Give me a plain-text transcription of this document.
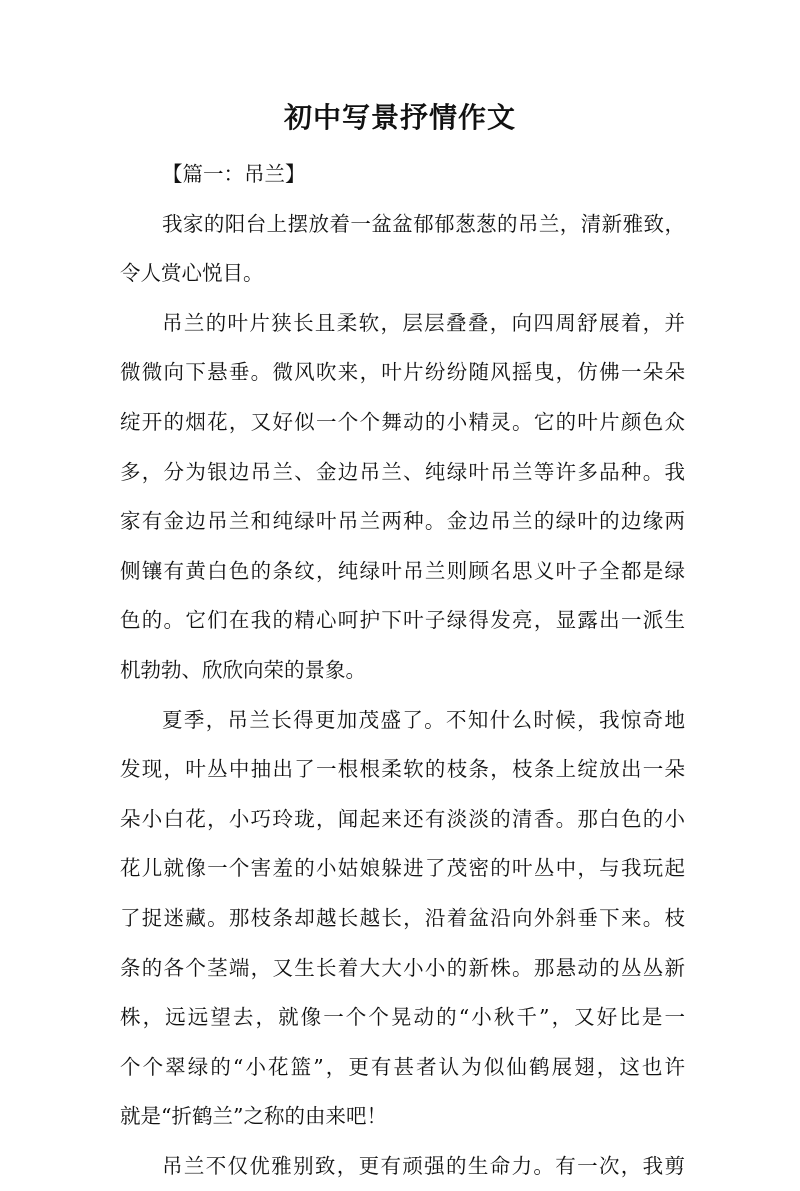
初中写景抒情作文
【篇一：吊兰】
我家的阳台上摆放着一盆盆郁郁葱葱的吊兰，清新雅致，
令人赏心悦目。
吊兰的叶片狭长且柔软，层层叠叠，向四周舒展着，并
微微向下悬垂。微风吹来，叶片纷纷随风摇曳，仿佛一朵朵
绽开的烟花，又好似一个个舞动的小精灵。它的叶片颜色众
多，分为银边吊兰、金边吊兰、纯绿叶吊兰等许多品种。我
家有金边吊兰和纯绿叶吊兰两种。金边吊兰的绿叶的边缘两
侧镶有黄白色的条纹，纯绿叶吊兰则顾名思义叶子全都是绿
色的。它们在我的精心呵护下叶子绿得发亮，显露出一派生
机勃勃、欣欣向荣的景象。
夏季，吊兰长得更加茂盛了。不知什么时候，我惊奇地
发现，叶丛中抽出了一根根柔软的枝条，枝条上绽放出一朵
朵小白花，小巧玲珑，闻起来还有淡淡的清香。那白色的小
花儿就像一个害羞的小姑娘躲进了茂密的叶丛中，与我玩起
了捉迷藏。那枝条却越长越长，沿着盆沿向外斜垂下来。枝
条的各个茎端，又生长着大大小小的新株。那悬动的丛丛新
株，远远望去，就像一个个晃动的“小秋千”，又好比是一
个个翠绿的“小花篮”，更有甚者认为似仙鹤展翅，这也许
就是“折鹤兰”之称的由来吧！
吊兰不仅优雅别致，更有顽强的生命力。有一次，我剪
